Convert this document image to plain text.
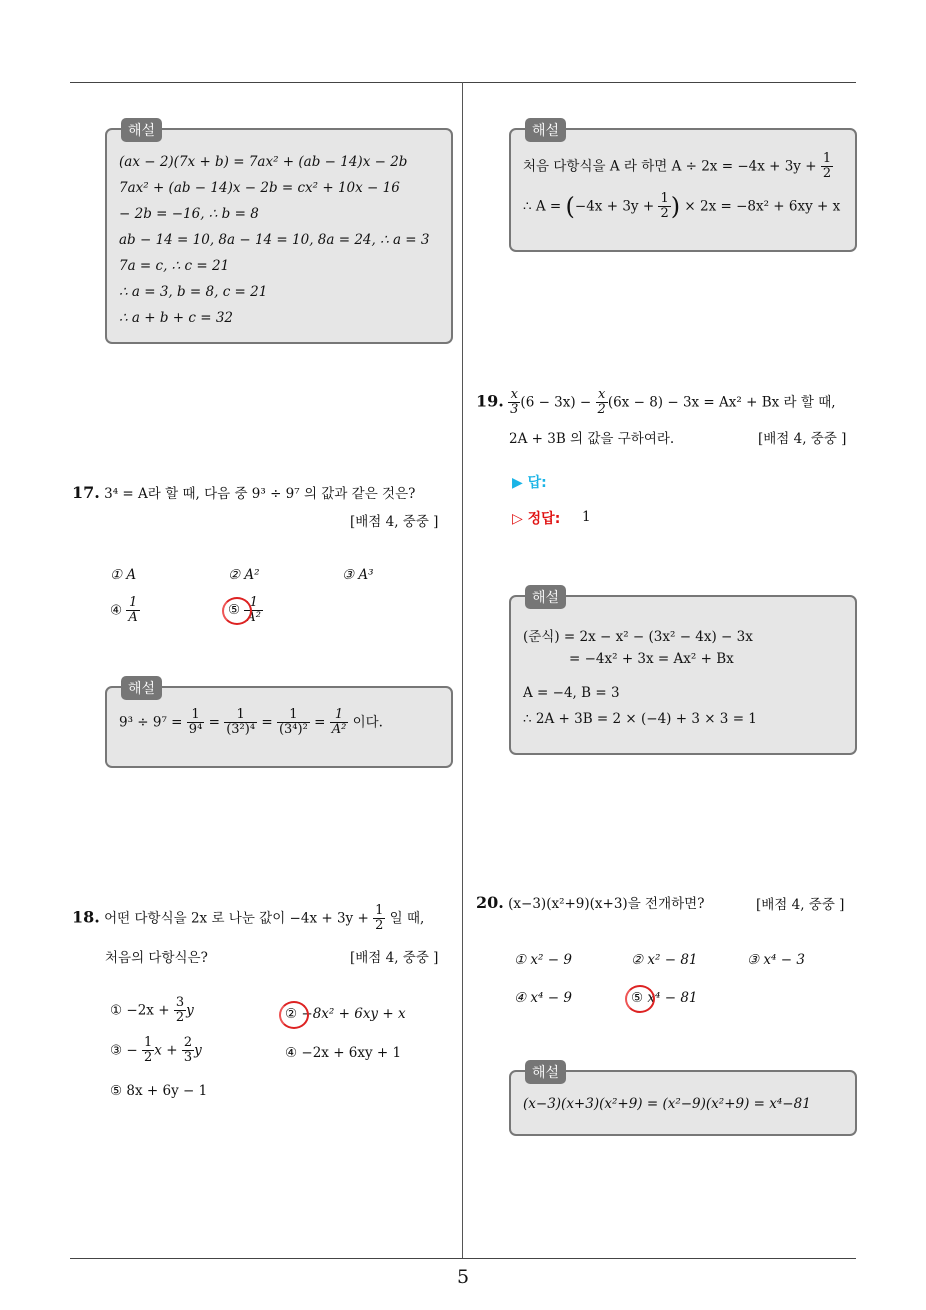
해설
(ax − 2)(7x + b) = 7ax² + (ab − 14)x − 2b
7ax² + (ab − 14)x − 2b = cx² + 10x − 16
− 2b = −16, ∴ b = 8
ab − 14 = 10, 8a − 14 = 10, 8a = 24, ∴ a = 3
7a = c, ∴ c = 21
∴ a = 3, b = 8, c = 21
∴ a + b + c = 32
17. 3⁴ = A라 할 때, 다음 중 9³ ÷ 9⁷ 의 값과 같은 것은?
[배점 4, 중중 ]
① A	② A²	③ A³
④ $\frac{1}{A}$	⑤ $\frac{1}{\text{A²}}$
해설
$9^3 \div 9^7 = \frac{1}{\text{9⁴}} = \frac{1}{\text{(3²)⁴}} = \frac{1}{\text{(3⁴)²}} = \frac{1}{\text{A²}}$ 이다.
18. 어떤 다항식을 2x 로 나눈 값이 $-4x + 3y + \frac{1}{2}$ 일 때,
처음의 다항식은?	[배점 4, 중중 ]
① $-2x + \frac{3}{2}$ y	② −8x² + 6xy + x
③ − $\frac{1}{2}$ $x + \frac{2}{3}$ y	④ −2x + 6xy + 1
⑤ 8x + 6y − 1
해설
처음 다항식을 A 라 하면 $A \div 2x = -4x + 3y + \frac{1}{2}$
∴ $A = (-4x + 3y + \frac{1}{2}$ ) × 2x = −8x² + 6xy + x
19. $\frac{x}{3} (6 - 3x) - \frac{x}{2} (6x - 8) - 3x = Ax^2 + Bx$ 라 할 때,
2A + 3B 의 값을 구하여라.	[배점 4, 중중 ]
▶ 답:
▷ 정답: 1
해설
(준식) = 2x − x² − (3x² − 4x) − 3x
= −4x² + 3x = Ax² + Bx
A = −4, B = 3
∴ 2A + 3B = 2 × (−4) + 3 × 3 = 1
20. (x−3)(x²+9)(x+3)을 전개하면?	[배점 4, 중중 ]
① x² − 9	② x² − 81	③ x⁴ − 3
④ x⁴ − 9	⑤ x⁴ − 81
해설
(x−3)(x+3)(x²+9) = (x²−9)(x²+9) = x⁴−81
5
